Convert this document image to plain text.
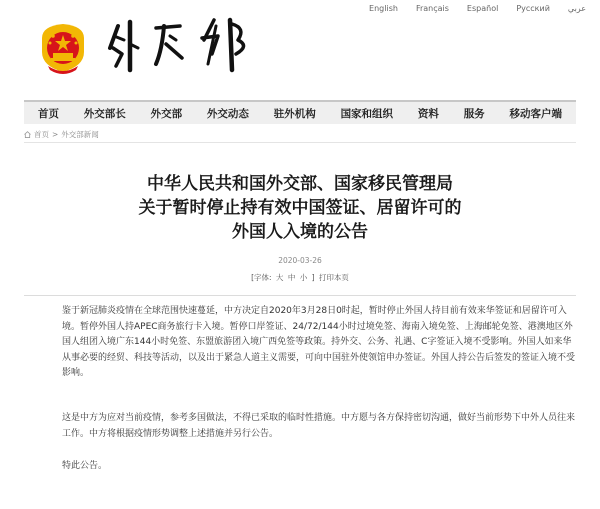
English Français Español Русский عربي
首页 外交部长 外交部 外交动态 驻外机构 国家和组织 资料 服务 移动客户端
首页 > 外交部新闻
中华人民共和国外交部、国家移民管理局
关于暂时停止持有效中国签证、居留许可的
外国人入境的公告
2020-03-26
[字体: 大 中 小 ] 打印本页

鉴于新冠肺炎疫情在全球范围快速蔓延，中方决定自2020年3月28日0时起，暂时停止外国人持目前有效来华签证和居留许可入境。暂停外国人持APEC商务旅行卡入境。暂停口岸签证、24/72/144小时过境免签、海南入境免签、上海邮轮免签、港澳地区外国人组团入境广东144小时免签、东盟旅游团入境广西免签等政策。持外交、公务、礼遇、C字签证入境不受影响。外国人如来华从事必要的经贸、科技等活动，以及出于紧急人道主义需要，可向中国驻外使领馆申办签证。外国人持公告后签发的签证入境不受影响。

这是中方为应对当前疫情，参考多国做法，不得已采取的临时性措施。中方愿与各方保持密切沟通，做好当前形势下中外人员往来工作。中方将根据疫情形势调整上述措施并另行公告。

特此公告。
